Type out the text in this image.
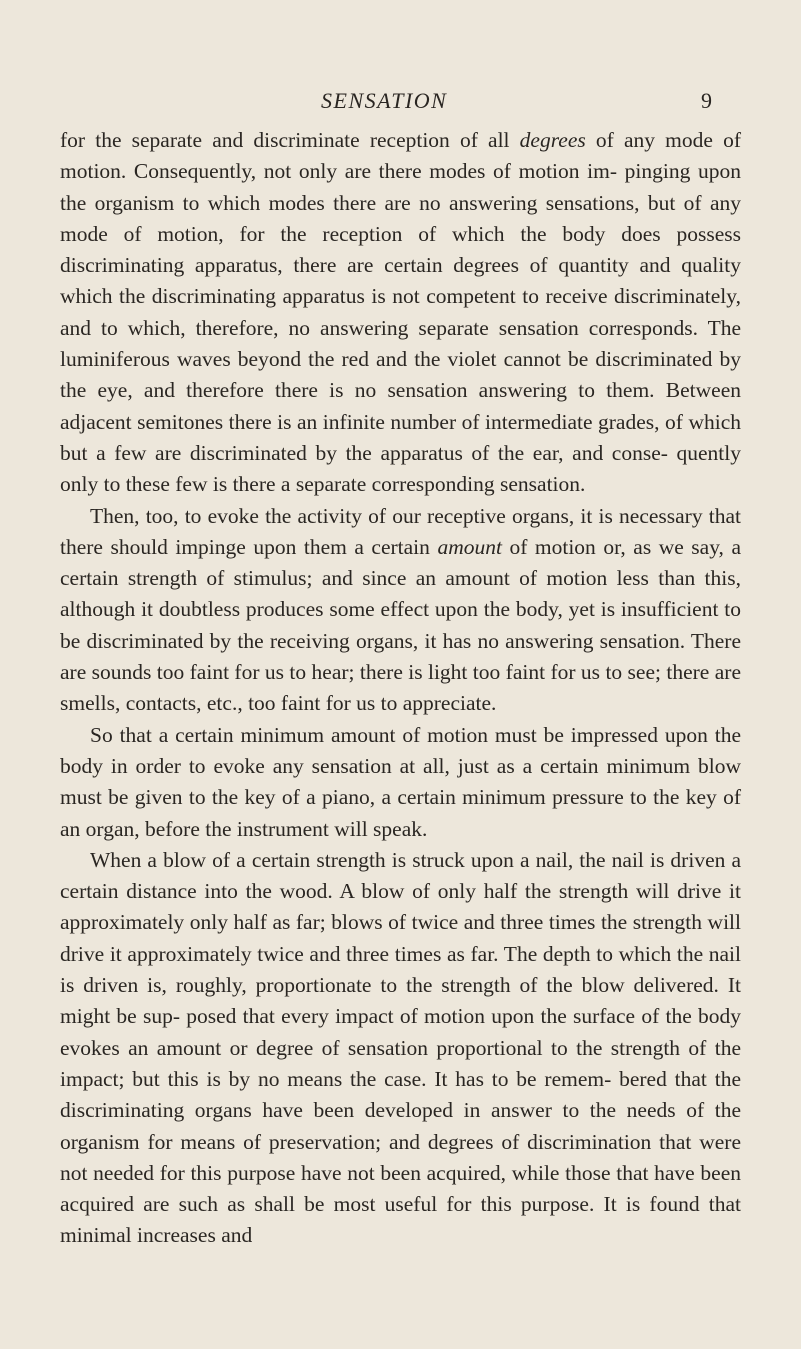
SENSATION	9

for the separate and discriminate reception of all degrees of any mode of motion. Consequently, not only are there modes of motion im- pinging upon the organism to which modes there are no answering sensations, but of any mode of motion, for the reception of which the body does possess discriminating apparatus, there are certain degrees of quantity and quality which the discriminating apparatus is not competent to receive discriminately, and to which, therefore, no answering separate sensation corresponds. The luminiferous waves beyond the red and the violet cannot be discriminated by the eye, and therefore there is no sensation answering to them. Between adjacent semitones there is an infinite number of intermediate grades, of which but a few are discriminated by the apparatus of the ear, and conse- quently only to these few is there a separate corresponding sensation.

Then, too, to evoke the activity of our receptive organs, it is necessary that there should impinge upon them a certain amount of motion or, as we say, a certain strength of stimulus; and since an amount of motion less than this, although it doubtless produces some effect upon the body, yet is insufficient to be discriminated by the receiving organs, it has no answering sensation. There are sounds too faint for us to hear; there is light too faint for us to see; there are smells, contacts, etc., too faint for us to appreciate.

So that a certain minimum amount of motion must be impressed upon the body in order to evoke any sensation at all, just as a certain minimum blow must be given to the key of a piano, a certain minimum pressure to the key of an organ, before the instrument will speak.

When a blow of a certain strength is struck upon a nail, the nail is driven a certain distance into the wood. A blow of only half the strength will drive it approximately only half as far; blows of twice and three times the strength will drive it approximately twice and three times as far. The depth to which the nail is driven is, roughly, proportionate to the strength of the blow delivered. It might be sup- posed that every impact of motion upon the surface of the body evokes an amount or degree of sensation proportional to the strength of the impact; but this is by no means the case. It has to be remem- bered that the discriminating organs have been developed in answer to the needs of the organism for means of preservation; and degrees of discrimination that were not needed for this purpose have not been acquired, while those that have been acquired are such as shall be most useful for this purpose. It is found that minimal increases and
